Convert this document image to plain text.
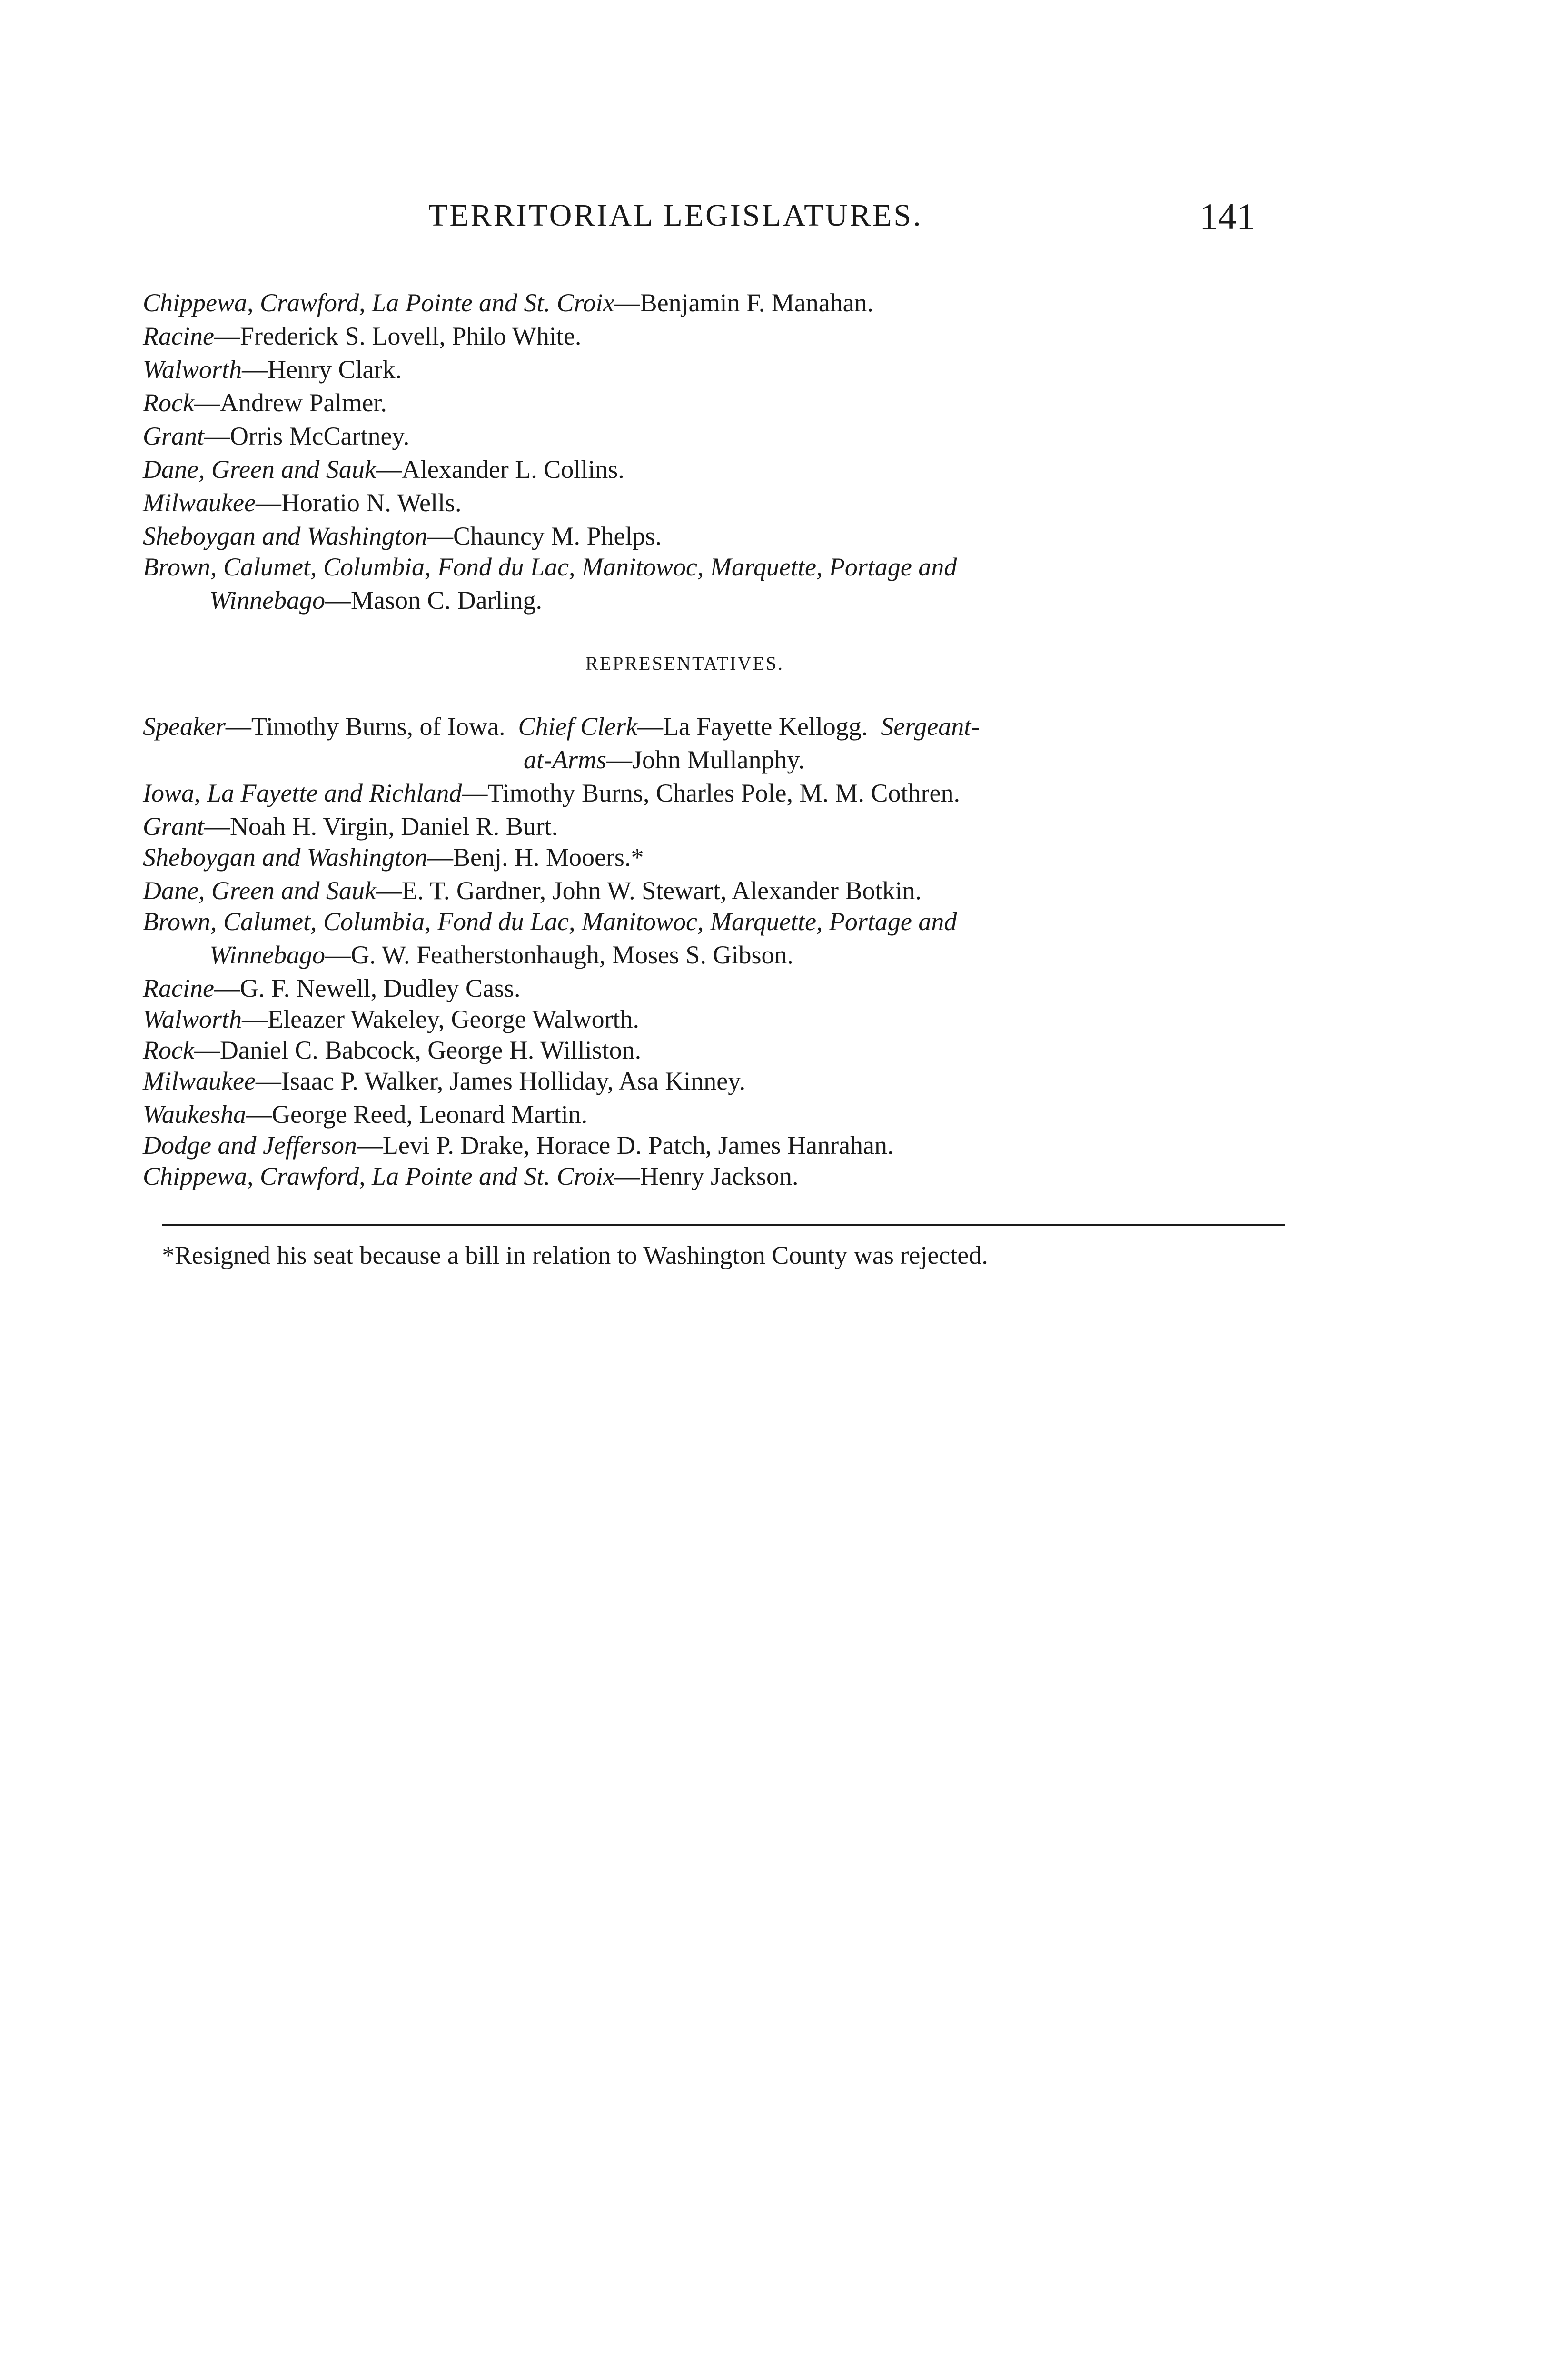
TERRITORIAL LEGISLATURES.	141
Chippewa, Crawford, La Pointe and St. Croix—Benjamin F. Manahan.
Racine—Frederick S. Lovell, Philo White.
Walworth—Henry Clark.
Rock—Andrew Palmer.
Grant—Orris McCartney.
Dane, Green and Sauk—Alexander L. Collins.
Milwaukee—Horatio N. Wells.
Sheboygan and Washington—Chauncy M. Phelps.
Brown, Calumet, Columbia, Fond du Lac, Manitowoc, Marquette, Portage and
Winnebago—Mason C. Darling.
REPRESENTATIVES.
Speaker—Timothy Burns, of Iowa. Chief Clerk—La Fayette Kellogg. Sergeant-
at-Arms—John Mullanphy.
Iowa, La Fayette and Richland—Timothy Burns, Charles Pole, M. M. Cothren.
Grant—Noah H. Virgin, Daniel R. Burt.
Sheboygan and Washington—Benj. H. Mooers.*
Dane, Green and Sauk—E. T. Gardner, John W. Stewart, Alexander Botkin.
Brown, Calumet, Columbia, Fond du Lac, Manitowoc, Marquette, Portage and
Winnebago—G. W. Featherstonhaugh, Moses S. Gibson.
Racine—G. F. Newell, Dudley Cass.
Walworth—Eleazer Wakeley, George Walworth.
Rock—Daniel C. Babcock, George H. Williston.
Milwaukee—Isaac P. Walker, James Holliday, Asa Kinney.
Waukesha—George Reed, Leonard Martin.
Dodge and Jefferson—Levi P. Drake, Horace D. Patch, James Hanrahan.
Chippewa, Crawford, La Pointe and St. Croix—Henry Jackson.
*Resigned his seat because a bill in relation to Washington County was rejected.
